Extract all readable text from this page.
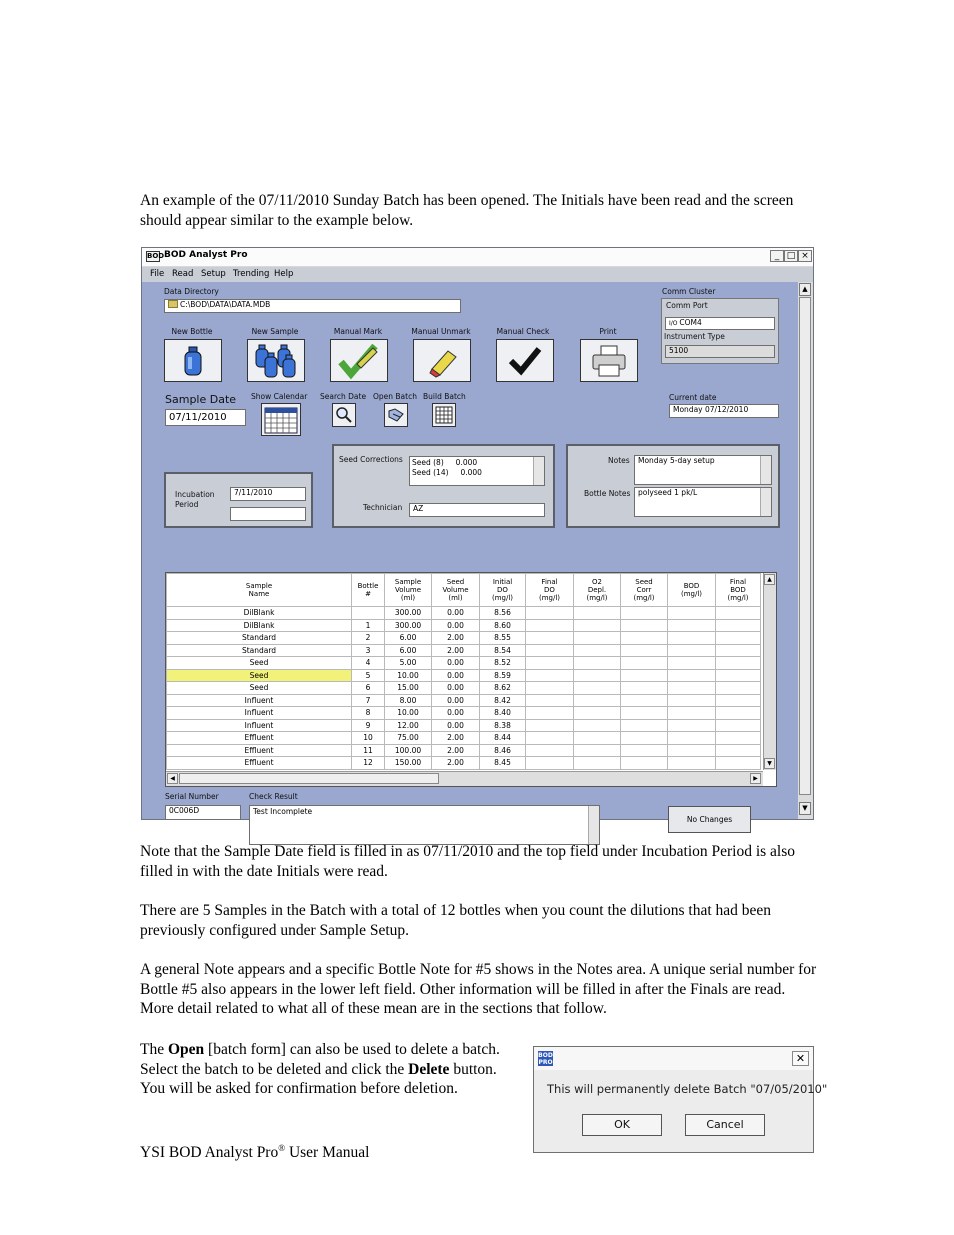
An example of the 07/11/2010 Sunday Batch has been opened. The Initials have been read and the screen should appear similar to the example below.

BOD BOD Analyst Pro	_ □ ×
File Read Setup Trending Help
Data Directory
C:\BOD\DATA\DATA.MDB
Comm Cluster
Comm Port
I/O COM4
Instrument Type
5100
New Bottle	New Sample	Manual Mark	Manual Unmark	Manual Check	Print
Sample Date
07/11/2010
Show Calendar Search Date Open Batch Build Batch	Current date
Monday 07/12/2010
Seed Corrections Seed (8)     0.000
Seed (14)     0.000
Technician	AZ
Notes	Monday 5-day setup
Bottle Notes	polyseed 1 pk/L
Incubation Period
7/11/2010
Sample
Name	Bottle
#	Sample
Volume
(ml)	Seed
Volume
(ml)	Initial
DO
(mg/l)	Final
DO
(mg/l)	O2
Depl.
(mg/l)	Seed
Corr
(mg/l)	BOD
(mg/l)	Final
BOD
(mg/l)
DilBlank		300.00	0.00	8.56					
DilBlank	1	300.00	0.00	8.60					
Standard	2	6.00	2.00	8.55					
Standard	3	6.00	2.00	8.54					
Seed	4	5.00	0.00	8.52					
Seed	5	10.00	0.00	8.59					
Seed	6	15.00	0.00	8.62					
Influent	7	8.00	0.00	8.42					
Influent	8	10.00	0.00	8.40					
Influent	9	12.00	0.00	8.38					
Effluent	10	75.00	2.00	8.44					
Effluent	11	100.00	2.00	8.46					
Effluent	12	150.00	2.00	8.45					
▲
▼
◀	▶
Serial Number
0C006D
Check Result
Test Incomplete
No Changes
▲
▼

Note that the Sample Date field is filled in as 07/11/2010 and the top field under Incubation Period is also filled in with the date Initials were read.

There are 5 Samples in the Batch with a total of 12 bottles when you count the dilutions that had been previously configured under Sample Setup.

A general Note appears and a specific Bottle Note for #5 shows in the Notes area. A unique serial number for Bottle #5 also appears in the lower left field. Other information will be filled in after the Finals are read. More detail related to what all of these mean are in the sections that follow.

The Open [batch form] can also be used to delete a batch. Select the batch to be deleted and click the Delete button. You will be asked for confirmation before deletion.

YSI BOD Analyst Pro® User Manual

BOD PRO	✕
This will permanently delete Batch "07/05/2010"
OK	Cancel
